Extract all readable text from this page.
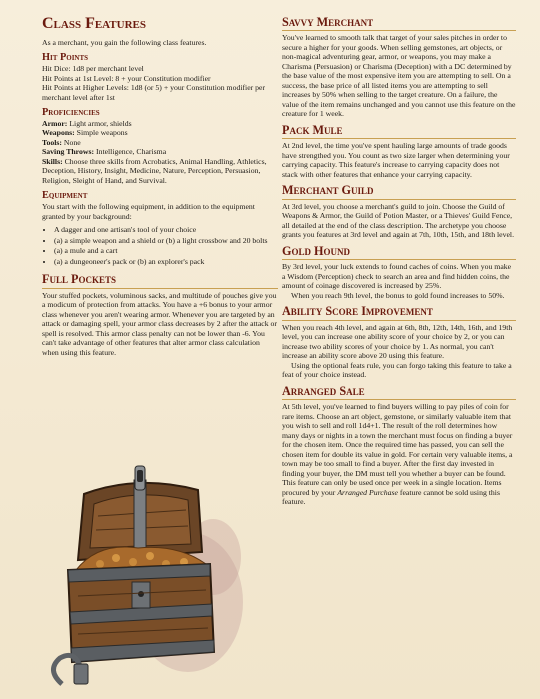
Class Features

As a merchant, you gain the following class features.

Hit Points

Hit Dice: 1d8 per merchant level

Hit Points at 1st Level: 8 + your Constitution modifier

Hit Points at Higher Levels: 1d8 (or 5) + your Constitution modifier per merchant level after 1st

Proficiencies

Armor: Light armor, shields

Weapons: Simple weapons

Tools: None

Saving Throws: Intelligence, Charisma

Skills: Choose three skills from Acrobatics, Animal Handling, Athletics, Deception, History, Insight, Medicine, Nature, Perception, Persuasion, Religion, Sleight of Hand, and Survival.

Equipment

You start with the following equipment, in addition to the equipment granted by your background:

• A dagger and one artisan's tool of your choice
• (a) a simple weapon and a shield or (b) a light crossbow and 20 bolts
• (a) a mule and a cart
• (a) a dungeoneer's pack or (b) an explorer's pack
Full Pockets

Your stuffed pockets, voluminous sacks, and multitude of pouches give you a modicum of protection from attacks. You have a +6 bonus to your armor class whenever you aren't wearing armor. Whenever you are targeted by an attack or damaging spell, your armor class decreases by 2 after the attack or spell is resolved. This armor class penalty can not be lower than -6. You can't take advantage of other features that alter armor class calculation when using this feature.

Savvy Merchant

You've learned to smooth talk that target of your sales pitches in order to secure a higher for your goods. When selling gemstones, art objects, or non-magical adventuring gear, armor, or weapons, you may make a Charisma (Persuasion) or Charisma (Deception) with a DC determined by the base value of the most expensive item you are attempting to sell. On a success, the base price of all listed items you are attempting to sell increases by 50% when selling to the target creature. On a failure, the value of the item remains unchanged and you cannot use this feature on the creature for 1 week.

Pack Mule

At 2nd level, the time you've spent hauling large amounts of trade goods have strengthed you. You count as two size larger when determining your carrying capacity. This feature's increase to carrying capacity does not stack with other features that enhance your carrying capacity.

Merchant Guild

At 3rd level, you choose a merchant's guild to join. Choose the Guild of Weapons & Armor, the Guild of Potion Master, or a Thieves' Guild Fence, all detailed at the end of the class description. The archetype you choose grants you features at 3rd level and again at 7th, 10th, 15th, and 18th level.

Gold Hound

By 3rd level, your luck extends to found caches of coins. When you make a Wisdom (Perception) check to search an area and find hidden coins, the amount of coinage discovered is increased by 25%.

When you reach 9th level, the bonus to gold found increases to 50%.

Ability Score Improvement

When you reach 4th level, and again at 6th, 8th, 12th, 14th, 16th, and 19th level, you can increase one ability score of your choice by 2, or you can increase two ability scores of your choice by 1. As normal, you can't increase an ability score above 20 using this feature.

Using the optional feats rule, you can forgo taking this feature to take a feat of your choice instead.

Arranged Sale

At 5th level, you've learned to find buyers willing to pay piles of coin for rare items. Choose an art object, gemstone, or similarly valuable item that you wish to sell and roll 1d4+1. The result of the roll determines how many days or nights in a town the merchant must focus on finding a buyer for the chosen item. Once the required time has passed, you can sell the chosen item for double its value in gold. For certain very valuable items, a town may be too small to find a buyer. After the first day invested in finding your buyer, the DM must tell you whether a buyer can be found. This feature can only be used once per week in a single location. Items procured by your Arranged Purchase feature cannot be sold using this feature.
